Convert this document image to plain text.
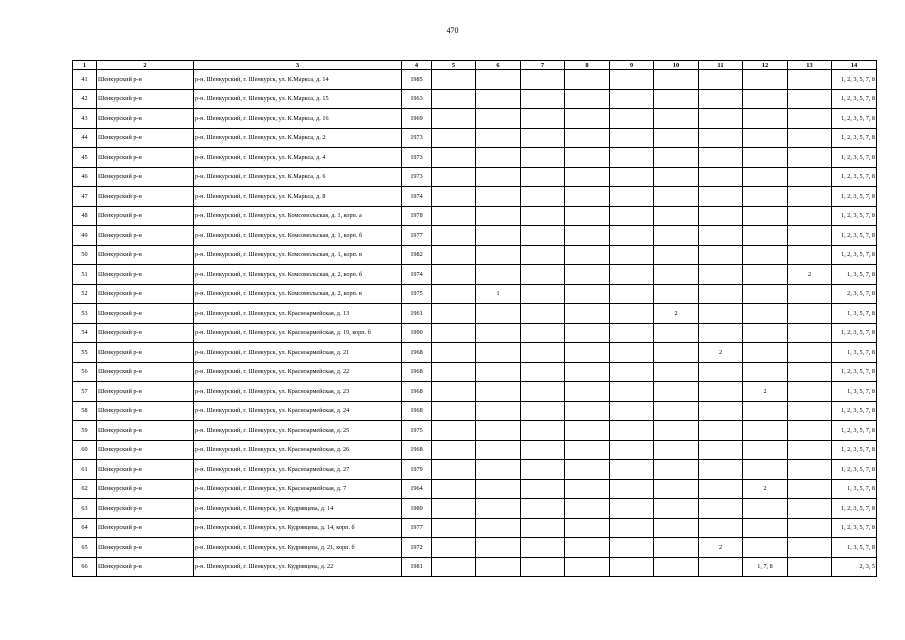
470
1	2	3	4	5	6	7	8	9	10	11	12	13	14
41	Шенкурский р-н	р-н. Шенкурский, г. Шенкурск, ул. К.Маркса, д. 14	1985										1, 2, 3, 5, 7, 8
42	Шенкурский р-н	р-н. Шенкурский, г. Шенкурск, ул. К.Маркса, д. 15	1963										1, 2, 3, 5, 7, 8
43	Шенкурский р-н	р-н. Шенкурский, г. Шенкурск, ул. К.Маркса, д. 16	1969										1, 2, 3, 5, 7, 8
44	Шенкурский р-н	р-н. Шенкурский, г. Шенкурск, ул. К.Маркса, д. 2	1973										1, 2, 3, 5, 7, 8
45	Шенкурский р-н	р-н. Шенкурский, г. Шенкурск, ул. К.Маркса, д. 4	1973										1, 2, 3, 5, 7, 8
46	Шенкурский р-н	р-н. Шенкурский, г. Шенкурск, ул. К.Маркса, д. 6	1973										1, 2, 3, 5, 7, 8
47	Шенкурский р-н	р-н. Шенкурский, г. Шенкурск, ул. К.Маркса, д. 8	1974										1, 2, 3, 5, 7, 8
48	Шенкурский р-н	р-н. Шенкурский, г. Шенкурск, ул. Комсомольская, д. 1, корп. а	1978										1, 2, 3, 5, 7, 8
49	Шенкурский р-н	р-н. Шенкурский, г. Шенкурск, ул. Комсомольская, д. 1, корп. б	1977										1, 2, 3, 5, 7, 8
50	Шенкурский р-н	р-н. Шенкурский, г. Шенкурск, ул. Комсомольская, д. 1, корп. в	1982										1, 2, 3, 5, 7, 8
51	Шенкурский р-н	р-н. Шенкурский, г. Шенкурск, ул. Комсомольская, д. 2, корп. б	1974									2	1, 3, 5, 7, 8
52	Шенкурский р-н	р-н. Шенкурский, г. Шенкурск, ул. Комсомольская, д. 2, корп. в	1975		1								2, 3, 5, 7, 8
53	Шенкурский р-н	р-н. Шенкурский, г. Шенкурск, ул. Красноармейская, д. 13	1961						2				1, 3, 5, 7, 8
54	Шенкурский р-н	р-н. Шенкурский, г. Шенкурск, ул. Красноармейская, д. 19, корп. б	1990										1, 2, 3, 5, 7, 8
55	Шенкурский р-н	р-н. Шенкурский, г. Шенкурск, ул. Красноармейская, д. 21	1968							2			1, 3, 5, 7, 8
56	Шенкурский р-н	р-н. Шенкурский, г. Шенкурск, ул. Красноармейская, д. 22	1968										1, 2, 3, 5, 7, 8
57	Шенкурский р-н	р-н. Шенкурский, г. Шенкурск, ул. Красноармейская, д. 23	1968								2		1, 3, 5, 7, 8
58	Шенкурский р-н	р-н. Шенкурский, г. Шенкурск, ул. Красноармейская, д. 24	1968										1, 2, 3, 5, 7, 8
59	Шенкурский р-н	р-н. Шенкурский, г. Шенкурск, ул. Красноармейская, д. 25	1975										1, 2, 3, 5, 7, 8
60	Шенкурский р-н	р-н. Шенкурский, г. Шенкурск, ул. Красноармейская, д. 26	1968										1, 2, 3, 5, 7, 8
61	Шенкурский р-н	р-н. Шенкурский, г. Шенкурск, ул. Красноармейская, д. 27	1979										1, 2, 3, 5, 7, 8
62	Шенкурский р-н	р-н. Шенкурский, г. Шенкурск, ул. Красноармейская, д. 7	1964								2		1, 3, 5, 7, 8
63	Шенкурский р-н	р-н. Шенкурский, г. Шенкурск, ул. Кудрявцева, д. 14	1989										1, 2, 3, 5, 7, 8
64	Шенкурский р-н	р-н. Шенкурский, г. Шенкурск, ул. Кудрявцева, д. 14, корп. б	1977										1, 2, 3, 5, 7, 8
65	Шенкурский р-н	р-н. Шенкурский, г. Шенкурск, ул. Кудрявцева, д. 21, корп. б	1972							2			1, 3, 5, 7, 8
66	Шенкурский р-н	р-н. Шенкурский, г. Шенкурск, ул. Кудрявцева, д. 22	1981								1, 7, 8		2, 3, 5
